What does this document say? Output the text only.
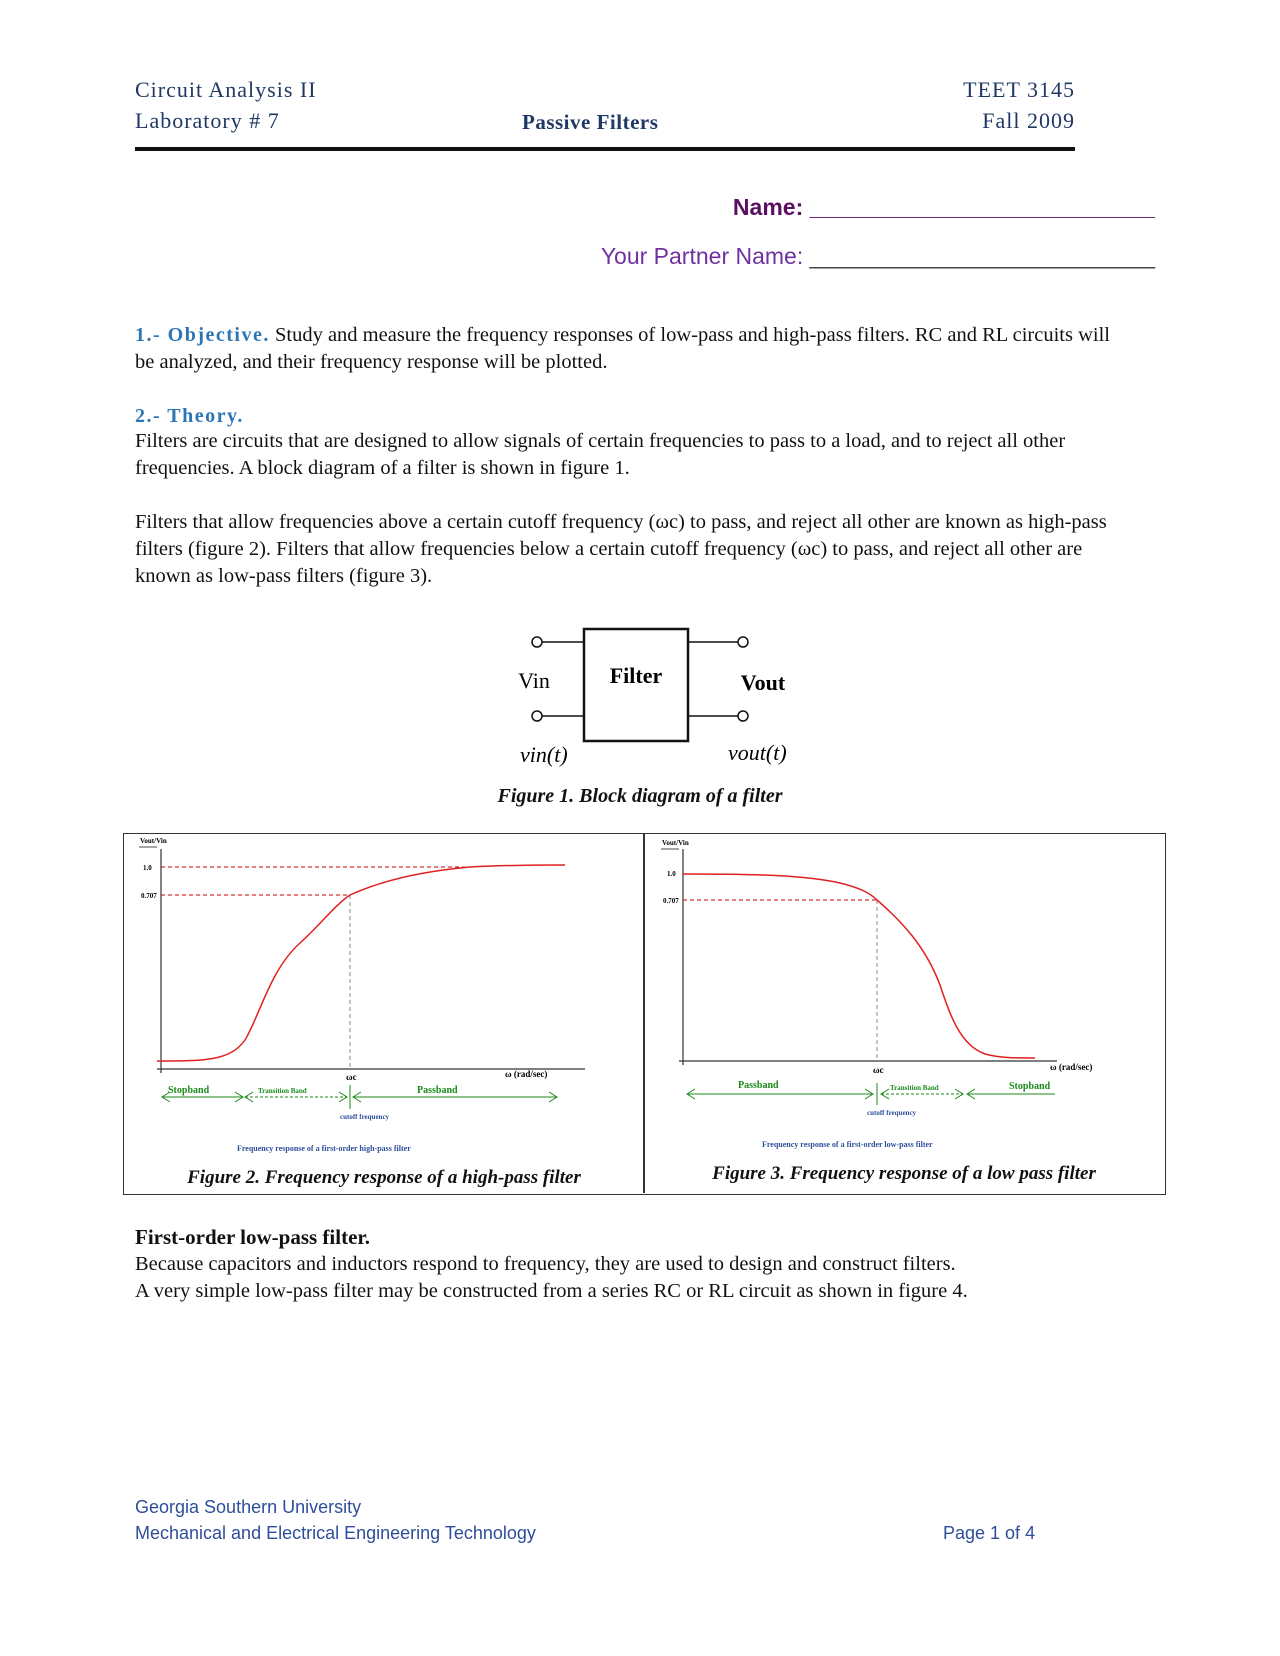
Circuit Analysis II
Laboratory # 7	Passive Filters
TEET 3145
Fall 2009
Name: ___________________________
Your Partner Name: ___________________________
1.- Objective. Study and measure the frequency responses of low-pass and high-pass filters. RC and RL circuits will be analyzed, and their frequency response will be plotted.
2.- Theory.
Filters are circuits that are designed to allow signals of certain frequencies to pass to a load, and to reject all other frequencies. A block diagram of a filter is shown in figure 1.
Filters that allow frequencies above a certain cutoff frequency (ωc) to pass, and reject all other are known as high-pass filters (figure 2). Filters that allow frequencies below a certain cutoff frequency (ωc) to pass, and reject all other are known as low-pass filters (figure 3).
Filter
Vin	Vout
vin(t)	vout(t)
Figure 1. Block diagram of a filter
Vout/Vin
1.0
0.707
ωc	ω (rad/sec)
Stopband	Transition Band	Passband
cutoff frequency
Frequency response of a first-order high-pass filter
Figure 2. Frequency response of a high-pass filter
Vout/Vin
1.0
0.707
ωc	ω (rad/sec)
Passband	Transition Band	Stopband
cutoff frequency
Frequency response of a first-order low-pass filter
Figure 3. Frequency response of a low pass filter
First-order low-pass filter.
Because capacitors and inductors respond to frequency, they are used to design and construct filters.
A very simple low-pass filter may be constructed from a series RC or RL circuit as shown in figure 4.
Georgia Southern University
Mechanical and Electrical Engineering Technology	Page 1 of 4
